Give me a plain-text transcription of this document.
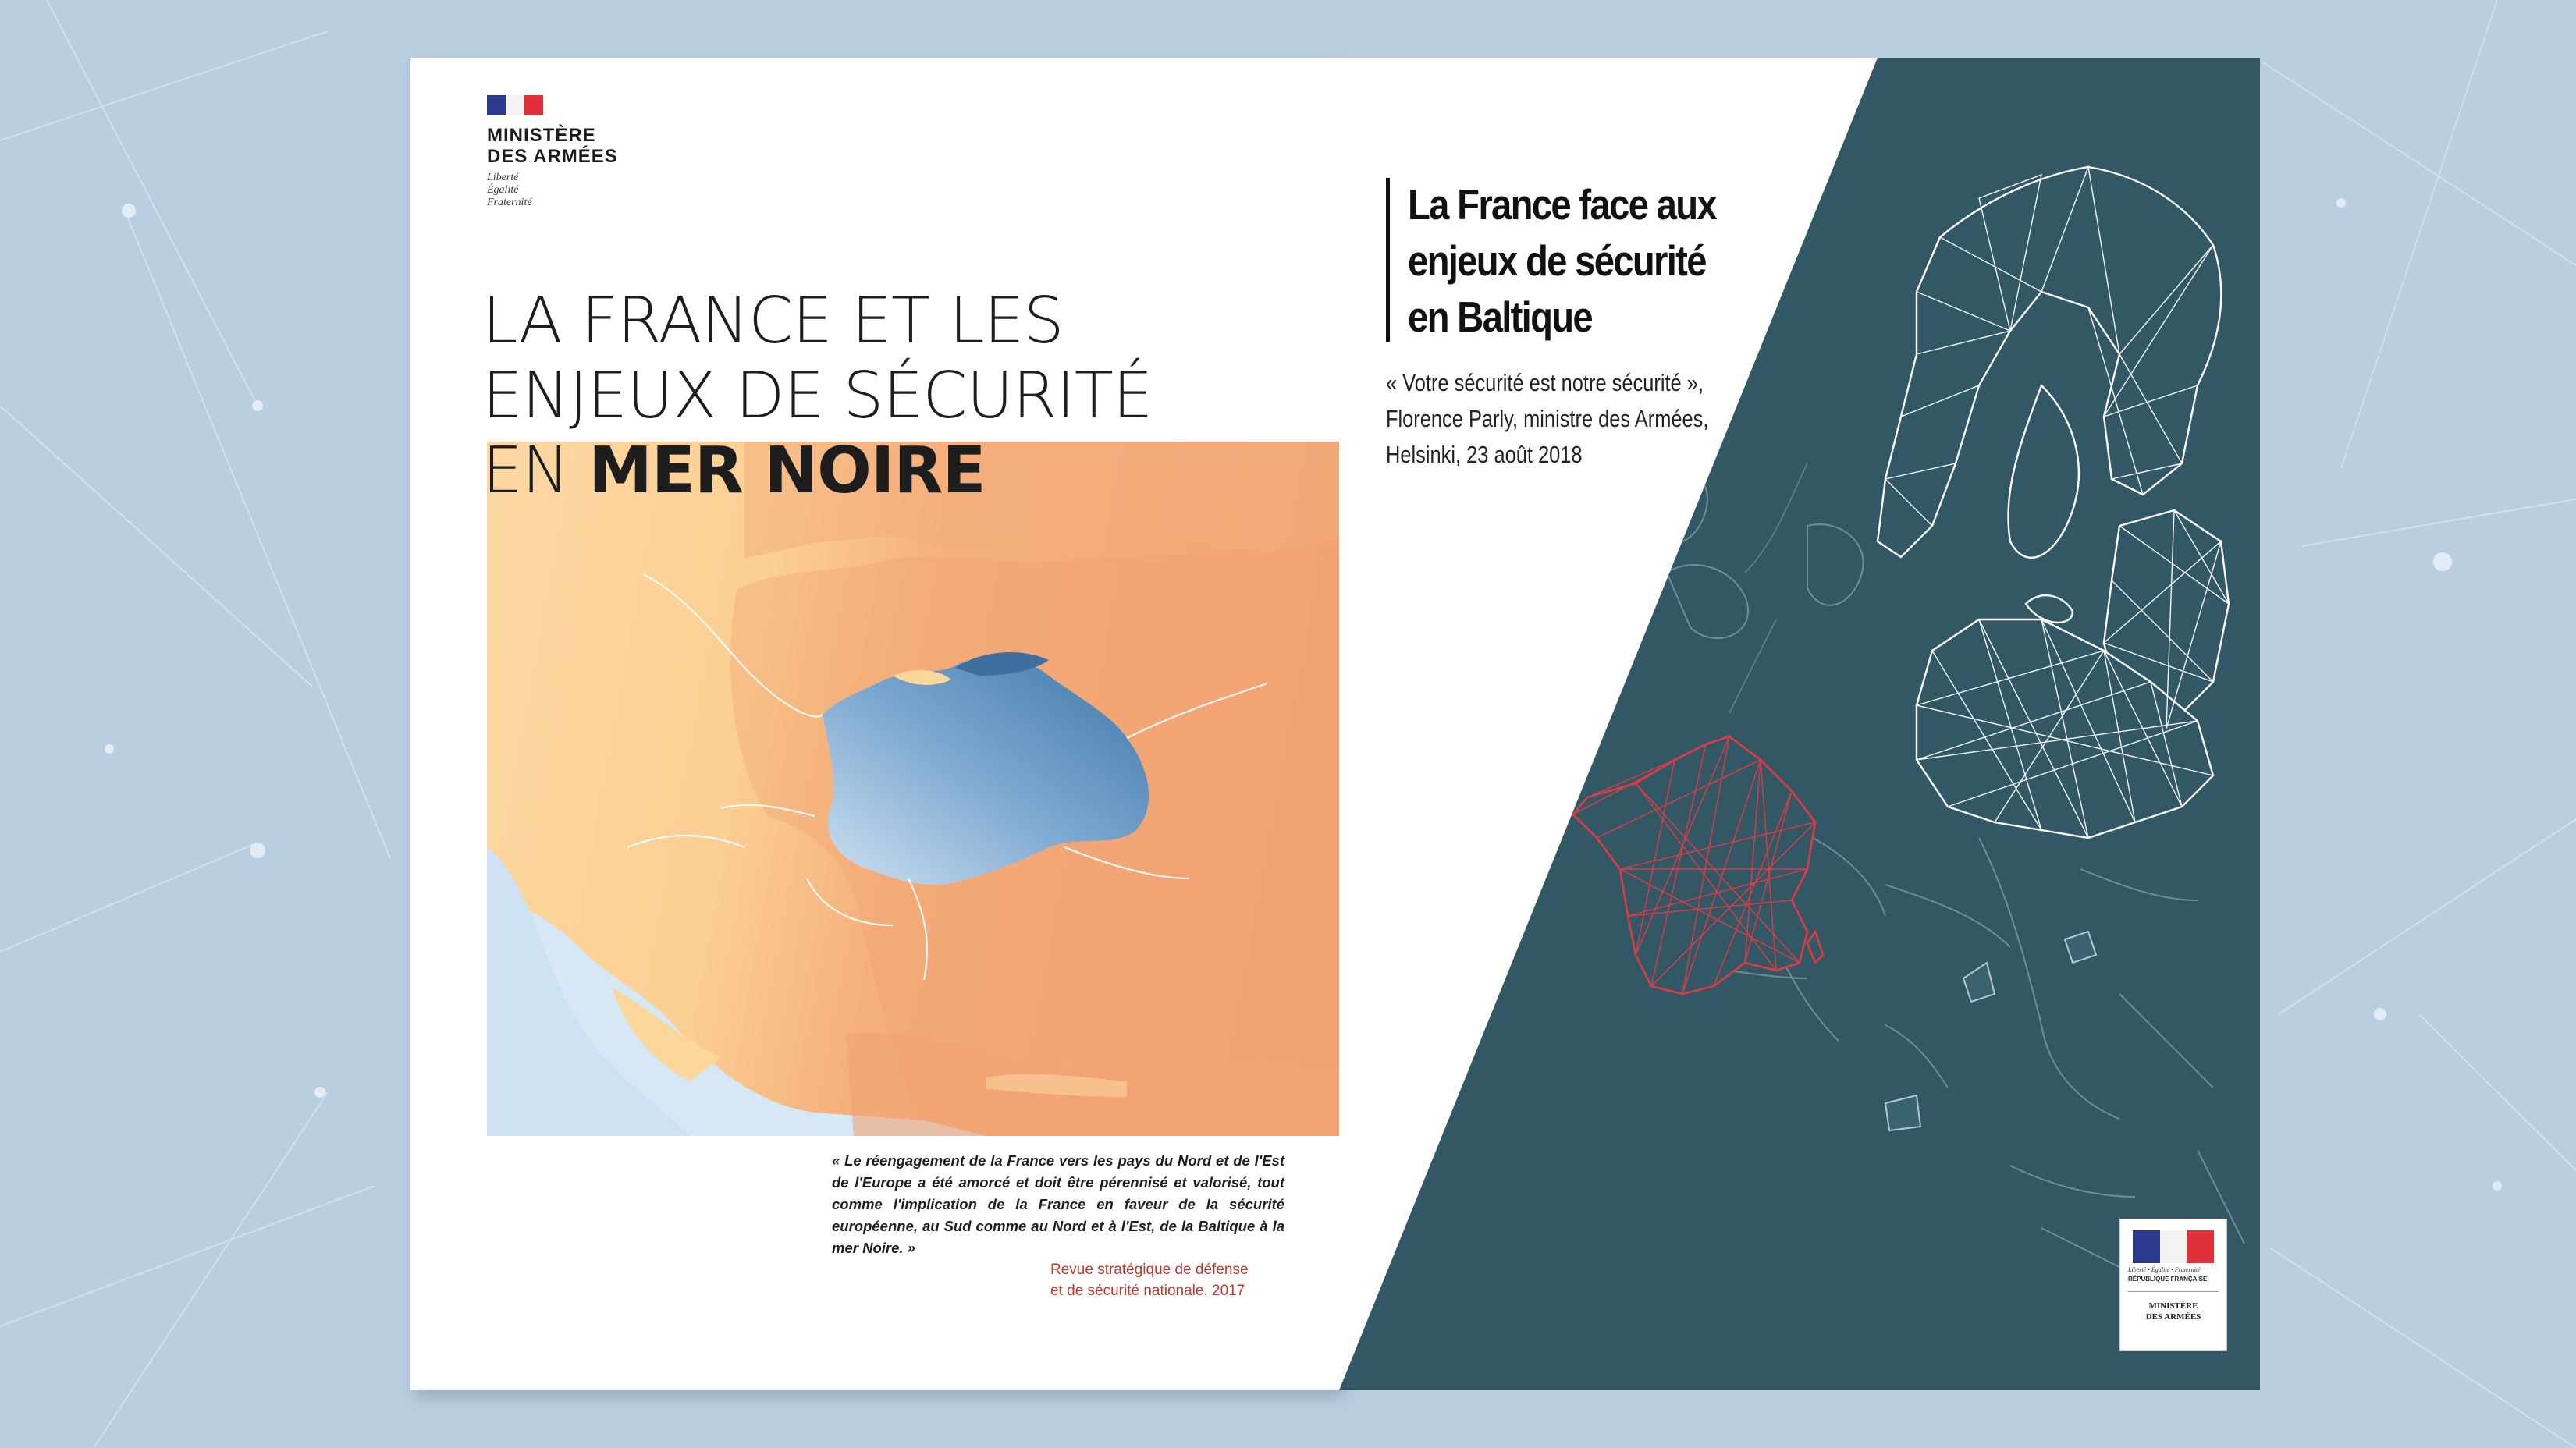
MINISTÈRE
DES ARMÉES
Liberté
Égalité
Fraternité
LA FRANCE ET LES
ENJEUX DE SÉCURITÉ
EN MER NOIRE
« Le réengagement de la France vers les pays du Nord et de l'Est de l'Europe a été amorcé et doit être pérennisé et valorisé, tout comme l'implication de la France en faveur de la sécurité européenne, au Sud comme au Nord et à l'Est, de la Baltique à la mer Noire. »
Revue stratégique de défense
et de sécurité nationale, 2017
La France face aux
enjeux de sécurité
en Baltique
« Votre sécurité est notre sécurité »,
Florence Parly, ministre des Armées,
Helsinki, 23 août 2018
Liberté • Égalité • Fraternité
RÉPUBLIQUE FRANÇAISE
MINISTÈRE
DES ARMÉES
